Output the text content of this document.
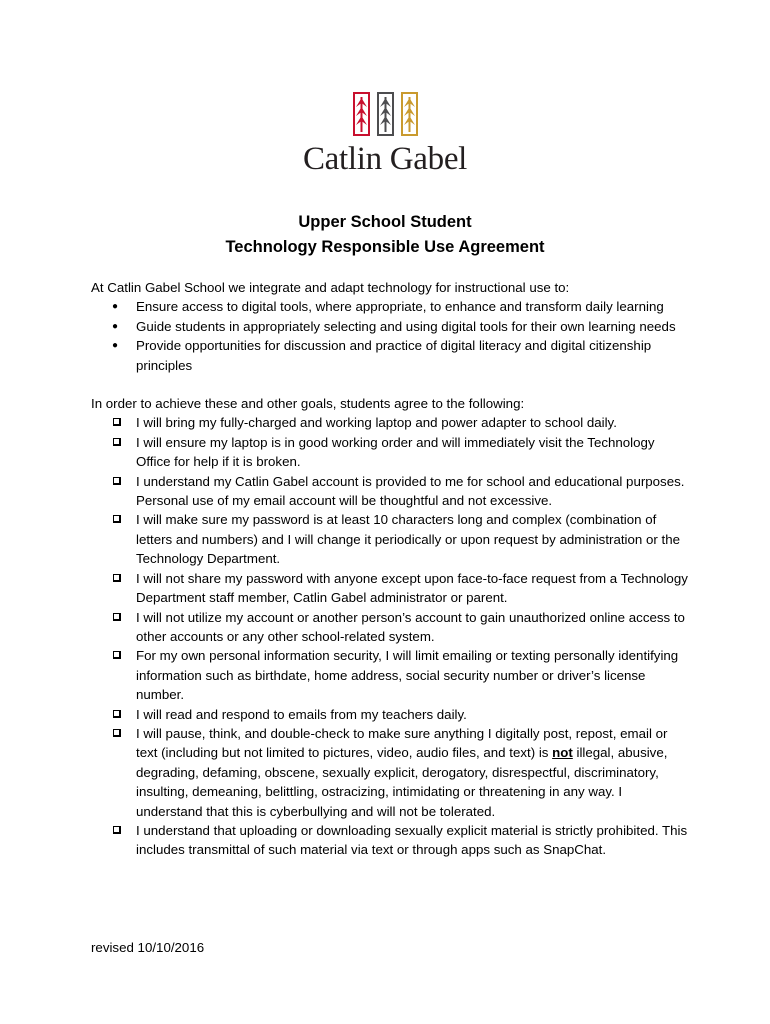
Catlin Gabel
Upper School Student
Technology Responsible Use Agreement

At Catlin Gabel School we integrate and adapt technology for instructional use to:

● Ensure access to digital tools, where appropriate, to enhance and transform daily learning
● Guide students in appropriately selecting and using digital tools for their own learning needs
● Provide opportunities for discussion and practice of digital literacy and digital citizenship principles

In order to achieve these and other goals, students agree to the following:

I will bring my fully-charged and working laptop and power adapter to school daily.
I will ensure my laptop is in good working order and will immediately visit the Technology Office for help if it is broken.
I understand my Catlin Gabel account is provided to me for school and educational purposes. Personal use of my email account will be thoughtful and not excessive.
I will make sure my password is at least 10 characters long and complex (combination of letters and numbers) and I will change it periodically or upon request by administration or the Technology Department.
I will not share my password with anyone except upon face-to-face request from a Technology Department staff member, Catlin Gabel administrator or parent.
I will not utilize my account or another person’s account to gain unauthorized online access to other accounts or any other school-related system.
For my own personal information security, I will limit emailing or texting personally identifying information such as birthdate, home address, social security number or driver’s license number.
I will read and respond to emails from my teachers daily.
I will pause, think, and double-check to make sure anything I digitally post, repost, email or text (including but not limited to pictures, video, audio files, and text) is not illegal, abusive, degrading, defaming, obscene, sexually explicit, derogatory, disrespectful, discriminatory, insulting, demeaning, belittling, ostracizing, intimidating or threatening in any way. I understand that this is cyberbullying and will not be tolerated.
I understand that uploading or downloading sexually explicit material is strictly prohibited. This includes transmittal of such material via text or through apps such as SnapChat.
revised 10/10/2016
